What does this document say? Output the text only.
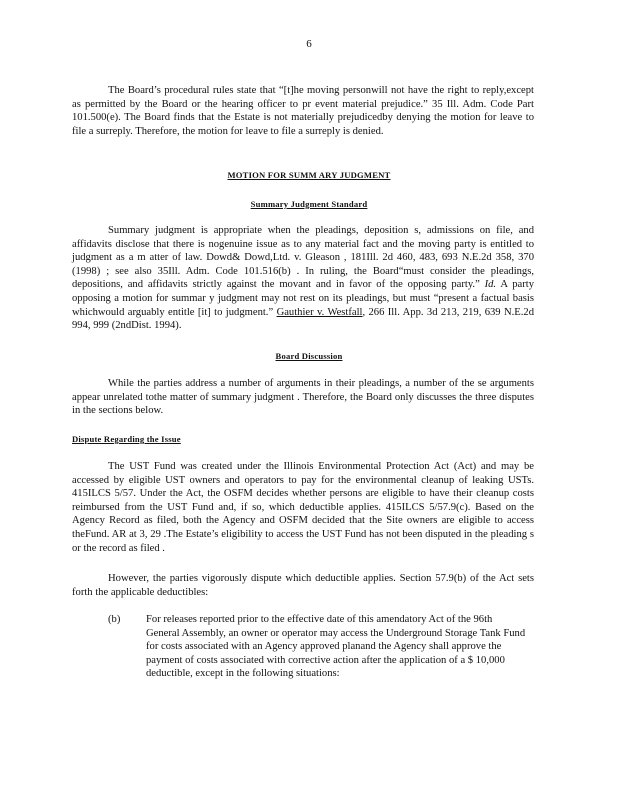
6

The Board’s procedural rules state that “[t]he moving personwill not have the right to reply,except as permitted by the Board or the hearing officer to pr event material prejudice.” 35 Ill. Adm. Code Part 101.500(e). The Board finds that the Estate is not materially prejudicedby denying the motion for leave to file a surreply. Therefore, the motion for leave to file a surreply is denied.

MOTION FOR SUMM ARY JUDGMENT
Summary Judgment Standard

Summary judgment is appropriate when the pleadings, deposition s, admissions on file, and affidavits disclose that there is nogenuine issue as to any material fact and the moving party is entitled to judgment as a m atter of law. Dowd& Dowd,Ltd. v. Gleason , 181Ill. 2d 460, 483, 693 N.E.2d 358, 370 (1998) ; see also 35Ill. Adm. Code 101.516(b) . In ruling, the Board“must consider the pleadings, depositions, and affidavits strictly against the movant and in favor of the opposing party.” Id. A party opposing a motion for summar y judgment may not rest on its pleadings, but must “present a factual basis whichwould arguably entitle [it] to judgment.” Gauthier v. Westfall, 266 Ill. App. 3d 213, 219, 639 N.E.2d 994, 999 (2ndDist. 1994).

Board Discussion

While the parties address a number of arguments in their pleadings, a number of the se arguments appear unrelated tothe matter of summary judgment . Therefore, the Board only discusses the three disputes in the sections below.

Dispute Regarding the Issue

The UST Fund was created under the Illinois Environmental Protection Act (Act) and may be accessed by eligible UST owners and operators to pay for the environmental cleanup of leaking USTs. 415ILCS 5/57. Under the Act, the OSFM decides whether persons are eligible to have their cleanup costs reimbursed from the UST Fund and, if so, which deductible applies. 415ILCS 5/57.9(c). Based on the Agency Record as filed, both the Agency and OSFM decided that the Site owners are eligible to access theFund. AR at 3, 29 .The Estate’s eligibility to access the UST Fund has not been disputed in the pleading s or the record as filed .

However, the parties vigorously dispute which deductible applies. Section 57.9(b) of the Act sets forth the applicable deductibles:

(b) For releases reported prior to the effective date of this amendatory Act of the 96th General Assembly, an owner or operator may access the Underground Storage Tank Fund for costs associated with an Agency approved planand the Agency shall approve the payment of costs associated with corrective action after the application of a $ 10,000 deductible, except in the following situations:
